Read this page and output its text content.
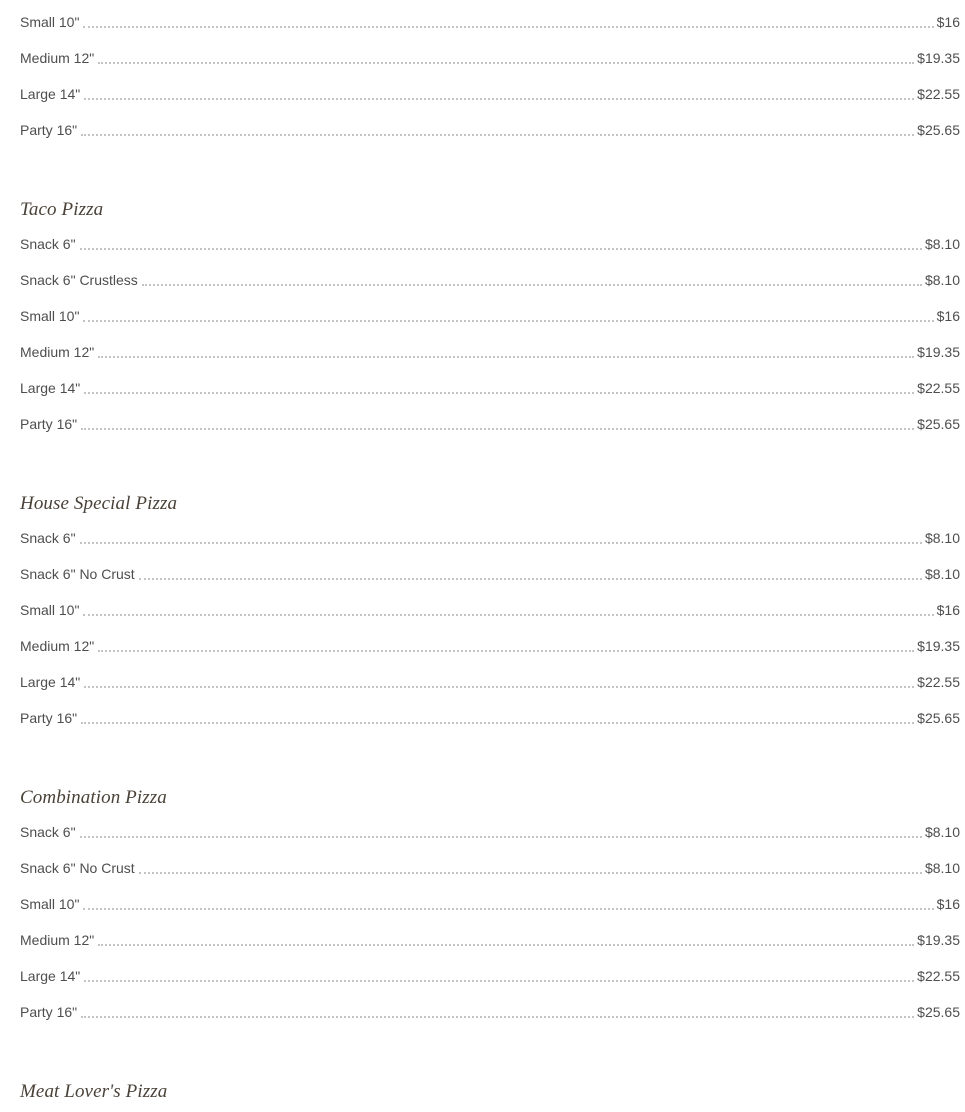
Small 10"	$16
Medium 12"	$19.35
Large 14"	$22.55
Party 16"	$25.65
Taco Pizza
Snack 6"	$8.10
Snack 6" Crustless	$8.10
Small 10"	$16
Medium 12"	$19.35
Large 14"	$22.55
Party 16"	$25.65
House Special Pizza
Snack 6"	$8.10
Snack 6" No Crust	$8.10
Small 10"	$16
Medium 12"	$19.35
Large 14"	$22.55
Party 16"	$25.65
Combination Pizza
Snack 6"	$8.10
Snack 6" No Crust	$8.10
Small 10"	$16
Medium 12"	$19.35
Large 14"	$22.55
Party 16"	$25.65
Meat Lover's Pizza
